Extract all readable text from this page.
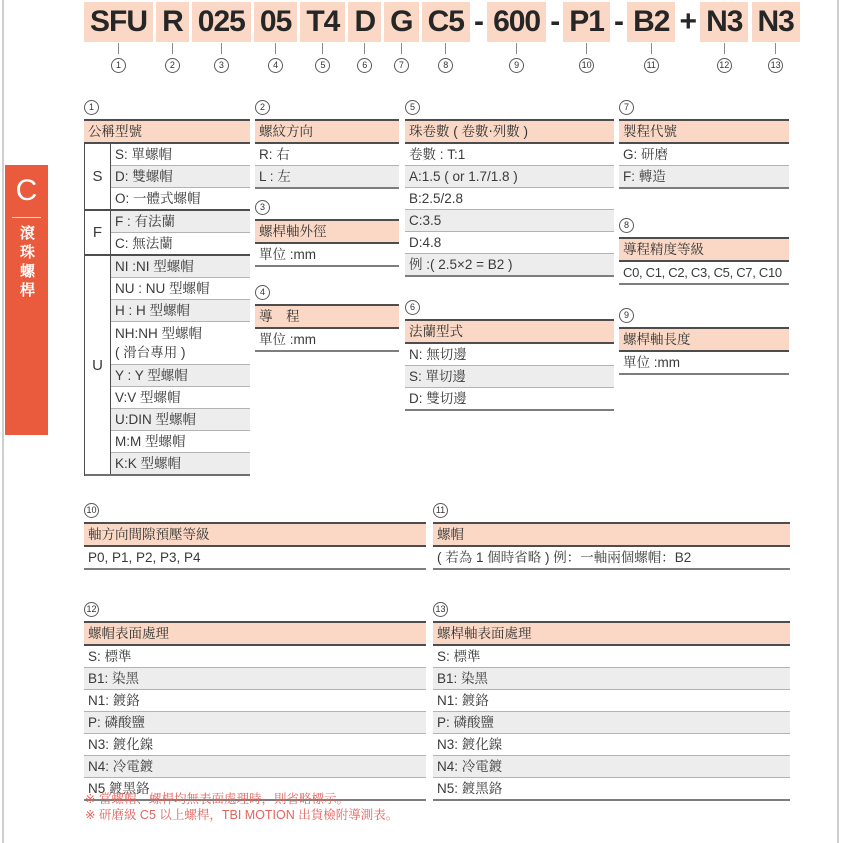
C
滾珠螺桿
SFU
1
R
2
025
3
05
4
T4
5
D
6
G
7
C5
8
- 600
9
- P1
10
- B2
11
+ N3
12
N3
13
1
公稱型號
S
S: 單螺帽
D: 雙螺帽
O: 一體式螺帽
F
F : 有法蘭
C: 無法蘭
U
NI :NI 型螺帽
NU : NU 型螺帽
H : H 型螺帽
NH:NH 型螺帽
( 滑台專用 )
Y : Y 型螺帽
V:V 型螺帽
U:DIN 型螺帽
M:M 型螺帽
K:K 型螺帽
2
螺紋方向
R: 右
L : 左
3
螺桿軸外徑
單位 :mm
4
導　程
單位 :mm
5
珠卷數 ( 卷數‧列數 )
卷數 : T:1
A:1.5 ( or 1.7/1.8 )
B:2.5/2.8
C:3.5
D:4.8
例 :( 2.5×2 = B2 )
6
法蘭型式
N: 無切邊
S: 單切邊
D: 雙切邊
7
製程代號
G: 研磨
F: 轉造
8
導程精度等級
C0, C1, C2, C3, C5, C7, C10
9
螺桿軸長度
單位 :mm
10
軸方向間隙預壓等級
P0, P1, P2, P3, P4
11
螺帽
( 若為 1 個時省略 ) 例：一軸兩個螺帽：B2
12
螺帽表面處理
S: 標準
B1: 染黑
N1: 鍍鉻
P: 磷酸鹽
N3: 鍍化鎳
N4: 冷電鍍
N5 鍍黑鉻
13
螺桿軸表面處理
S: 標準
B1: 染黑
N1: 鍍鉻
P: 磷酸鹽
N3: 鍍化鎳
N4: 冷電鍍
N5: 鍍黑鉻
※ 當螺帽、螺桿均無表面處理時，則省略標示。
※ 研磨級 C5 以上螺桿，TBI MOTION 出貨檢附導測表。
